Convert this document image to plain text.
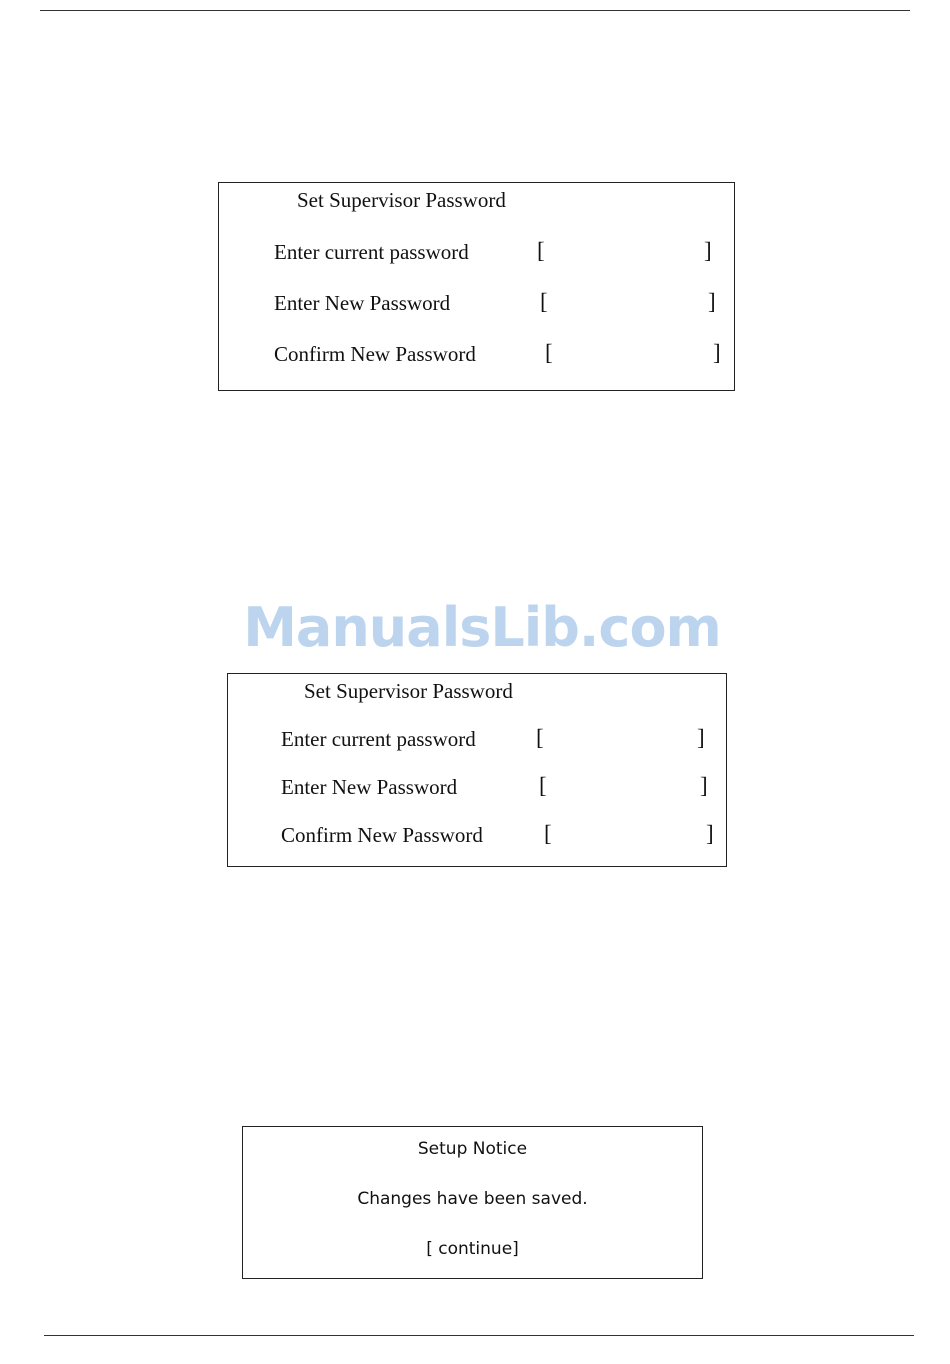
Set Supervisor Password
Enter current password	[	]
Enter New Password	[	]
Confirm New Password	[	]
ManualsLib.com
Set Supervisor Password
Enter current password	[	]
Enter New Password	[	]
Confirm New Password	[	]
Setup Notice
Changes have been saved.
[ continue]
